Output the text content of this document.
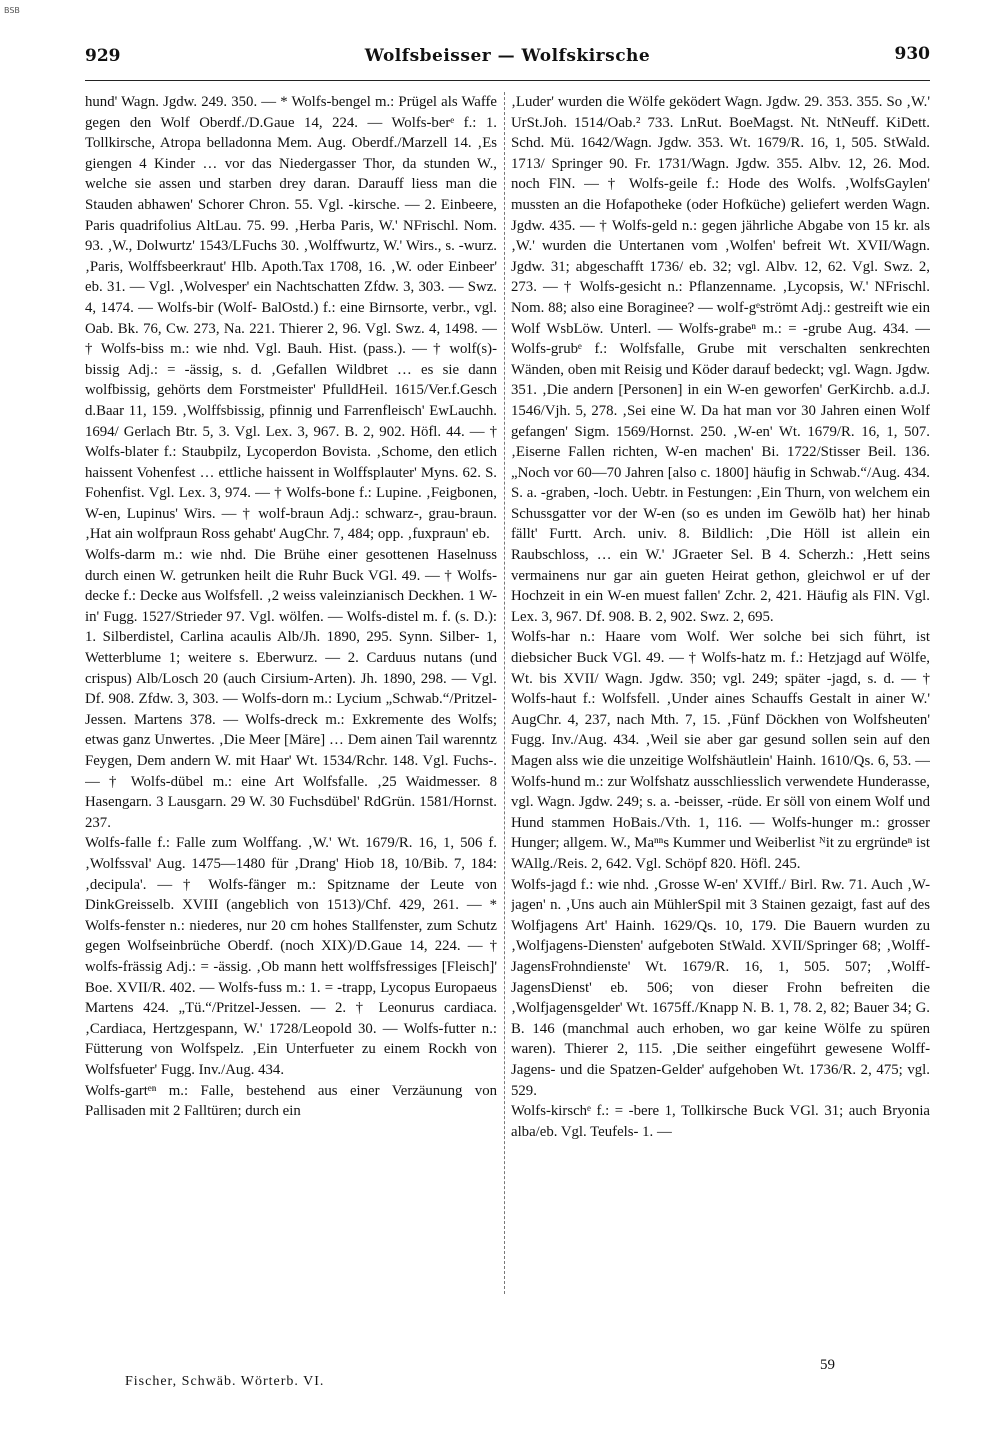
BSB
929	Wolfsbeisser — Wolfskirsche	930

hund' Wagn. Jgdw. 249. 350. — * Wolfs-bengel m.: Prügel als Waffe gegen den Wolf Oberdf./D.Gaue 14, 224. — Wolfs-berᵉ f.: 1. Tollkirsche, Atropa belladonna Mem. Aug. Oberdf./Marzell 14. ‚Es giengen 4 Kinder … vor das Niedergasser Thor, da stunden W., welche sie assen und starben drey daran. Darauff liess man die Stauden abhawen' Schorer Chron. 55. Vgl. -kirsche. — 2. Einbeere, Paris quadrifolius AltLau. 75. 99. ‚Herba Paris, W.' NFrischl. Nom. 93. ‚W., Dolwurtz' 1543/LFuchs 30. ‚Wolffwurtz, W.' Wirs., s. -wurz. ‚Paris, Wolffsbeerkraut' Hlb. Apoth.Tax 1708, 16. ‚W. oder Einbeer' eb. 31. — Vgl. ‚Wolvesper' ein Nachtschatten Zfdw. 3, 303. — Swz. 4, 1474. — Wolfs-bir (Wolf- BalOstd.) f.: eine Birnsorte, verbr., vgl. Oab. Bk. 76, Cw. 273, Na. 221. Thierer 2, 96. Vgl. Swz. 4, 1498. — † Wolfs-biss m.: wie nhd. Vgl. Bauh. Hist. (pass.). — † wolf(s)-bissig Adj.: = -ässig, s. d. ‚Gefallen Wildbret … es sie dann wolfbissig, gehörts dem Forstmeister' PfulldHeil. 1615/Ver.f.Gesch d.Baar 11, 159. ‚Wolffsbissig, pfinnig und Farrenfleisch' EwLauchh. 1694/ Gerlach Btr. 5, 3. Vgl. Lex. 3, 967. B. 2, 902. Höfl. 44. — † Wolfs-blater f.: Staubpilz, Lycoperdon Bovista. ‚Schome, den etlich haissent Vohenfest … ettliche haissent in Wolffsplauter' Myns. 62. S. Fohenfist. Vgl. Lex. 3, 974. — † Wolfs-bone f.: Lupine. ‚Feigbonen, W-en, Lupinus' Wirs. — † wolf-braun Adj.: schwarz-, grau-braun. ‚Hat ain wolfpraun Ross gehabt' AugChr. 7, 484; opp. ‚fuxpraun' eb.

Wolfs-darm m.: wie nhd. Die Brühe einer gesottenen Haselnuss durch einen W. getrunken heilt die Ruhr Buck VGl. 49. — † Wolfs-decke f.: Decke aus Wolfsfell. ‚2 weiss valeinzianisch Deckhen. 1 W-in' Fugg. 1527/Strieder 97. Vgl. wölfen. — Wolfs-distel m. f. (s. D.): 1. Silberdistel, Carlina acaulis Alb/Jh. 1890, 295. Synn. Silber- 1, Wetterblume 1; weitere s. Eberwurz. — 2. Carduus nutans (und crispus) Alb/Losch 20 (auch Cirsium-Arten). Jh. 1890, 298. — Vgl. Df. 908. Zfdw. 3, 303. — Wolfs-dorn m.: Lycium „Schwab.“/Pritzel-Jessen. Martens 378. — Wolfs-dreck m.: Exkremente des Wolfs; etwas ganz Unwertes. ‚Die Meer [Märe] … Dem ainen Tail warenntz Feygen, Dem andern W. mit Haar' Wt. 1534/Rchr. 148. Vgl. Fuchs-. — † Wolfs-dübel m.: eine Art Wolfsfalle. ‚25 Waidmesser. 8 Hasengarn. 3 Lausgarn. 29 W. 30 Fuchsdübel' RdGrün. 1581/Hornst. 237.

Wolfs-falle f.: Falle zum Wolffang. ‚W.' Wt. 1679/R. 16, 1, 506 f. ‚Wolfssval' Aug. 1475—1480 für ‚Drang' Hiob 18, 10/Bib. 7, 184: ‚decipula'. — † Wolfs-fänger m.: Spitzname der Leute von DinkGreisselb. XVIII (angeblich von 1513)/Chf. 429, 261. — * Wolfs-fenster n.: niederes, nur 20 cm hohes Stallfenster, zum Schutz gegen Wolfseinbrüche Oberdf. (noch XIX)/D.Gaue 14, 224. — † wolfs-frässig Adj.: = -ässig. ‚Ob mann hett wolffsfressiges [Fleisch]' Boe. XVII/R. 402. — Wolfs-fuss m.: 1. = -trapp, Lycopus Europaeus Martens 424. „Tü.“/Pritzel-Jessen. — 2. † Leonurus cardiaca. ‚Cardiaca, Hertzgespann, W.' 1728/Leopold 30. — Wolfs-futter n.: Fütterung von Wolfspelz. ‚Ein Unterfueter zu einem Rockh von Wolfsfueter' Fugg. Inv./Aug. 434.

Wolfs-gartᵉⁿ m.: Falle, bestehend aus einer Verzäunung von Pallisaden mit 2 Falltüren; durch ein

‚Luder' wurden die Wölfe geködert Wagn. Jgdw. 29. 353. 355. So ‚W.' UrSt.Joh. 1514/Oab.² 733. LnRut. BoeMagst. Nt. NtNeuff. KiDett. Schd. Mü. 1642/Wagn. Jgdw. 353. Wt. 1679/R. 16, 1, 505. StWald. 1713/ Springer 90. Fr. 1731/Wagn. Jgdw. 355. Albv. 12, 26. Mod. noch FlN. — † Wolfs-geile f.: Hode des Wolfs. ‚WolfsGaylen' mussten an die Hofapotheke (oder Hofküche) geliefert werden Wagn. Jgdw. 435. — † Wolfs-geld n.: gegen jährliche Abgabe von 15 kr. als ‚W.' wurden die Untertanen vom ‚Wolfen' befreit Wt. XVII/Wagn. Jgdw. 31; abgeschafft 1736/ eb. 32; vgl. Albv. 12, 62. Vgl. Swz. 2, 273. — † Wolfs-gesicht n.: Pflanzenname. ‚Lycopsis, W.' NFrischl. Nom. 88; also eine Boraginee? — wolf-gᵉströmt Adj.: gestreift wie ein Wolf WsbLöw. Unterl. — Wolfs-grabeⁿ m.: = -grube Aug. 434. — Wolfs-grubᵉ f.: Wolfsfalle, Grube mit verschalten senkrechten Wänden, oben mit Reisig und Köder darauf bedeckt; vgl. Wagn. Jgdw. 351. ‚Die andern [Personen] in ein W-en geworfen' GerKirchb. a.d.J. 1546/Vjh. 5, 278. ‚Sei eine W. Da hat man vor 30 Jahren einen Wolf gefangen' Sigm. 1569/Hornst. 250. ‚W-en' Wt. 1679/R. 16, 1, 507. ‚Eiserne Fallen richten, W-en machen' Bi. 1722/Stisser Beil. 136. „Noch vor 60—70 Jahren [also c. 1800] häufig in Schwab.“/Aug. 434. S. a. -graben, -loch. Uebtr. in Festungen: ‚Ein Thurn, von welchem ein Schussgatter vor der W-en (so es unden im Gewölb hat) her hinab fällt' Furtt. Arch. univ. 8. Bildlich: ‚Die Höll ist allein ein Raubschloss, … ein W.' JGraeter Sel. B 4. Scherzh.: ‚Hett seins vermainens nur gar ain gueten Heirat gethon, gleichwol er uf der Hochzeit in ein W-en muest fallen' Zchr. 2, 421. Häufig als FlN. Vgl. Lex. 3, 967. Df. 908. B. 2, 902. Swz. 2, 695.

Wolfs-har n.: Haare vom Wolf. Wer solche bei sich führt, ist diebsicher Buck VGl. 49. — † Wolfs-hatz m. f.: Hetzjagd auf Wölfe, Wt. bis XVII/ Wagn. Jgdw. 350; vgl. 249; später -jagd, s. d. — † Wolfs-haut f.: Wolfsfell. ‚Under aines Schauffs Gestalt in ainer W.' AugChr. 4, 237, nach Mth. 7, 15. ‚Fünf Döckhen von Wolfsheuten' Fugg. Inv./Aug. 434. ‚Weil sie aber gar gesund sollen sein auf den Magen alss wie die unzeitige Wolfshäutlein' Hainh. 1610/Qs. 6, 53. — Wolfs-hund m.: zur Wolfshatz ausschliesslich verwendete Hunderasse, vgl. Wagn. Jgdw. 249; s. a. -beisser, -rüde. Er söll von einem Wolf und Hund stammen HoBais./Vth. 1, 116. — Wolfs-hunger m.: grosser Hunger; allgem. W., Maⁿⁿs Kummer und Weiberlist ᴺit zu ergründeⁿ ist WAllg./Reis. 2, 642. Vgl. Schöpf 820. Höfl. 245.

Wolfs-jagd f.: wie nhd. ‚Grosse W-en' XVIff./ Birl. Rw. 71. Auch ‚W-jagen' n. ‚Uns auch ain MühlerSpil mit 3 Stainen gezaigt, fast auf des Wolfjagens Art' Hainh. 1629/Qs. 10, 179. Die Bauern wurden zu ‚Wolfjagens-Diensten' aufgeboten StWald. XVII/Springer 68; ‚Wolff-JagensFrohndienste' Wt. 1679/R. 16, 1, 505. 507; ‚Wolff-JagensDienst' eb. 506; von dieser Frohn befreiten die ‚Wolfjagensgelder' Wt. 1675ff./Knapp N. B. 1, 78. 2, 82; Bauer 34; G. B. 146 (manchmal auch erhoben, wo gar keine Wölfe zu spüren waren). Thierer 2, 115. ‚Die seither eingeführt gewesene Wolff-Jagens- und die Spatzen-Gelder' aufgehoben Wt. 1736/R. 2, 475; vgl. 529.

Wolfs-kirschᵉ f.: = -bere 1, Tollkirsche Buck VGl. 31; auch Bryonia alba/eb. Vgl. Teufels- 1. —

Fischer, Schwäb. Wörterb. VI.
59
